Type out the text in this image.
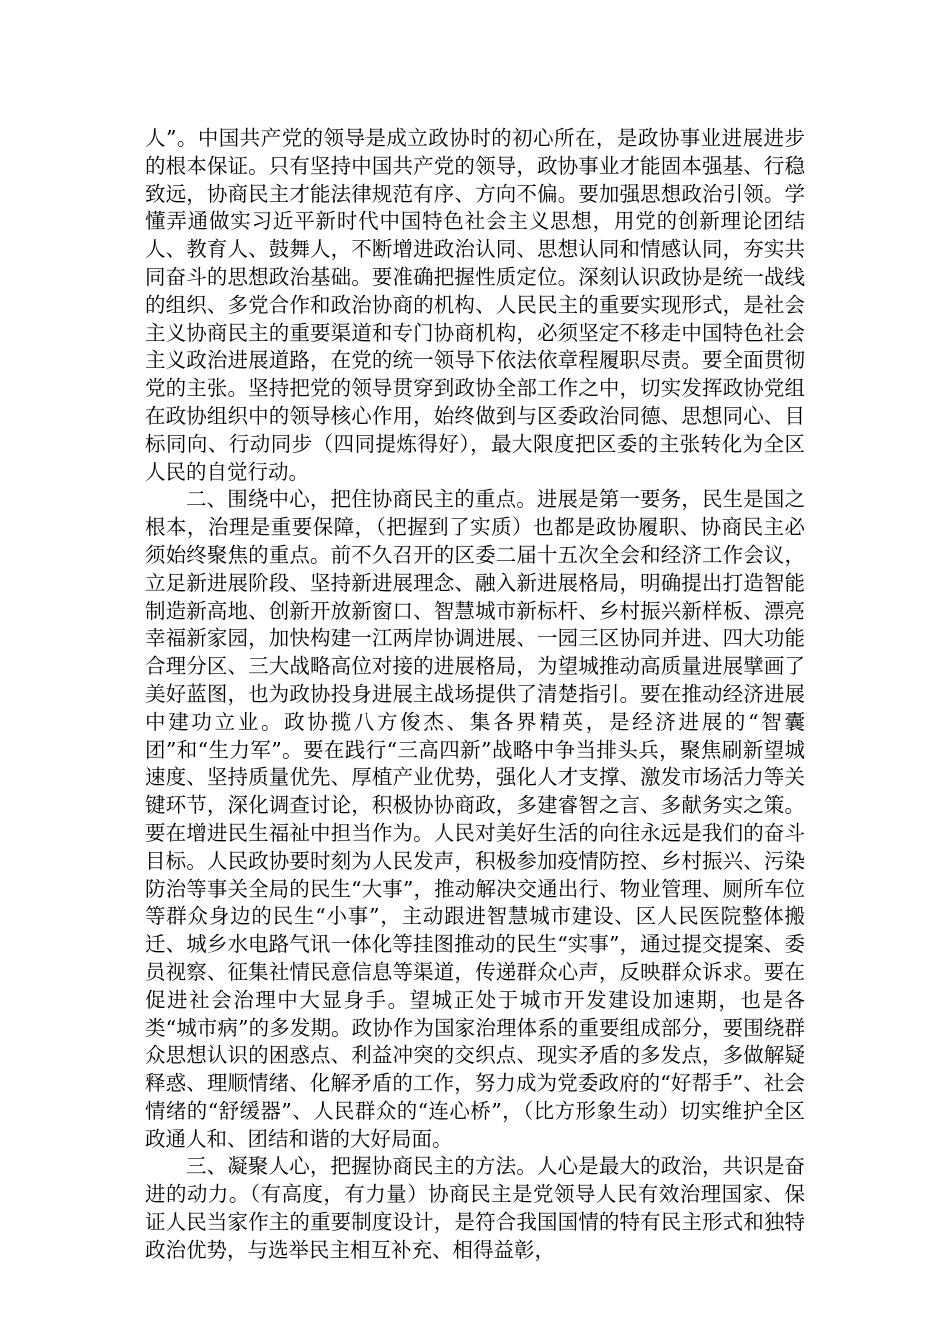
人”。中国共产党的领导是成立政协时的初心所在，是政协事业进展进步的根本保证。只有坚持中国共产党的领导，政协事业才能固本强基、行稳致远，协商民主才能法律规范有序、方向不偏。要加强思想政治引领。学懂弄通做实习近平新时代中国特色社会主义思想，用党的创新理论团结人、教育人、鼓舞人，不断增进政治认同、思想认同和情感认同，夯实共同奋斗的思想政治基础。要准确把握性质定位。深刻认识政协是统一战线的组织、多党合作和政治协商的机构、人民民主的重要实现形式，是社会主义协商民主的重要渠道和专门协商机构，必须坚定不移走中国特色社会主义政治进展道路，在党的统一领导下依法依章程履职尽责。要全面贯彻党的主张。坚持把党的领导贯穿到政协全部工作之中，切实发挥政协党组在政协组织中的领导核心作用，始终做到与区委政治同德、思想同心、目标同向、行动同步（四同提炼得好），最大限度把区委的主张转化为全区人民的自觉行动。

二、围绕中心，把住协商民主的重点。进展是第一要务，民生是国之根本，治理是重要保障，（把握到了实质）也都是政协履职、协商民主必须始终聚焦的重点。前不久召开的区委二届十五次全会和经济工作会议，立足新进展阶段、坚持新进展理念、融入新进展格局，明确提出打造智能制造新高地、创新开放新窗口、智慧城市新标杆、乡村振兴新样板、漂亮幸福新家园，加快构建一江两岸协调进展、一园三区协同并进、四大功能合理分区、三大战略高位对接的进展格局，为望城推动高质量进展擘画了美好蓝图，也为政协投身进展主战场提供了清楚指引。要在推动经济进展中建功立业。政协揽八方俊杰、集各界精英，是经济进展的“智囊团”和“生力军”。要在践行“三高四新”战略中争当排头兵，聚焦刷新望城速度、坚持质量优先、厚植产业优势，强化人才支撑、激发市场活力等关键环节，深化调查讨论，积极协协商政，多建睿智之言、多献务实之策。要在增进民生福祉中担当作为。人民对美好生活的向往永远是我们的奋斗目标。人民政协要时刻为人民发声，积极参加疫情防控、乡村振兴、污染防治等事关全局的民生“大事”，推动解决交通出行、物业管理、厕所车位等群众身边的民生“小事”，主动跟进智慧城市建设、区人民医院整体搬迁、城乡水电路气讯一体化等挂图推动的民生“实事”，通过提交提案、委员视察、征集社情民意信息等渠道，传递群众心声，反映群众诉求。要在促进社会治理中大显身手。望城正处于城市开发建设加速期，也是各类“城市病”的多发期。政协作为国家治理体系的重要组成部分，要围绕群众思想认识的困惑点、利益冲突的交织点、现实矛盾的多发点，多做解疑释惑、理顺情绪、化解矛盾的工作，努力成为党委政府的“好帮手”、社会情绪的“舒缓器”、人民群众的“连心桥”，（比方形象生动）切实维护全区政通人和、团结和谐的大好局面。

三、凝聚人心，把握协商民主的方法。人心是最大的政治，共识是奋进的动力。（有高度，有力量）协商民主是党领导人民有效治理国家、保证人民当家作主的重要制度设计，是符合我国国情的特有民主形式和独特政治优势，与选举民主相互补充、相得益彰，
